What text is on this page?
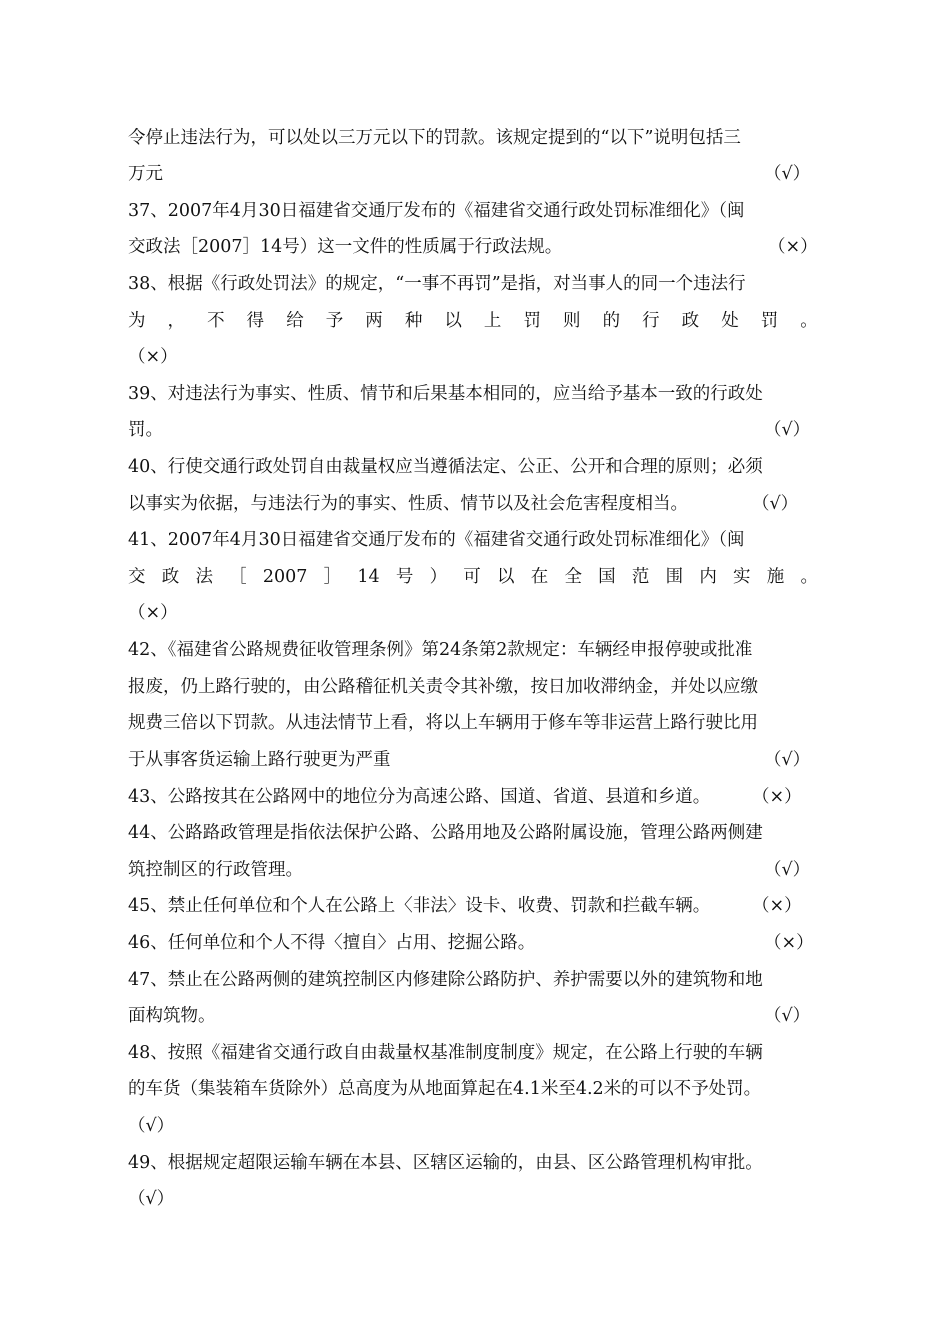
令停止违法行为，可以处以三万元以下的罚款。该规定提到的“以下”说明包括三
万元	（√）
37、2007年4月30日福建省交通厅发布的《福建省交通行政处罚标准细化》（闽
交政法［2007］14号）这一文件的性质属于行政法规。	（×）
38、根据《行政处罚法》的规定，“一事不再罚”是指，对当事人的同一个违法行
为 ， 不 得 给 予 两 种 以 上 罚 则 的 行 政 处 罚 。
（×）
39、对违法行为事实、性质、情节和后果基本相同的，应当给予基本一致的行政处
罚。	（√）
40、行使交通行政处罚自由裁量权应当遵循法定、公正、公开和合理的原则；必须
以事实为依据，与违法行为的事实、性质、情节以及社会危害程度相当。	（√）
41、2007年4月30日福建省交通厅发布的《福建省交通行政处罚标准细化》（闽
交 政 法 ［ 2007 ］ 14 号 ） 可 以 在 全 国 范 围 内 实 施 。
（×）
42、《福建省公路规费征收管理条例》第24条第2款规定：车辆经申报停驶或批准
报废，仍上路行驶的，由公路稽征机关责令其补缴，按日加收滞纳金，并处以应缴
规费三倍以下罚款。从违法情节上看，将以上车辆用于修车等非运营上路行驶比用
于从事客货运输上路行驶更为严重	（√）
43、公路按其在公路网中的地位分为高速公路、国道、省道、县道和乡道。 （×）
44、公路路政管理是指依法保护公路、公路用地及公路附属设施，管理公路两侧建
筑控制区的行政管理。	（√）
45、禁止任何单位和个人在公路上〈非法〉设卡、收费、罚款和拦截车辆。 （×）
46、任何单位和个人不得〈擅自〉占用、挖掘公路。	（×）
47、禁止在公路两侧的建筑控制区内修建除公路防护、养护需要以外的建筑物和地
面构筑物。	（√）
48、按照《福建省交通行政自由裁量权基准制度制度》规定，在公路上行驶的车辆
的车货（集装箱车货除外）总高度为从地面算起在4.1米至4.2米的可以不予处罚。
（√）
49、根据规定超限运输车辆在本县、区辖区运输的，由县、区公路管理机构审批。
（√）
